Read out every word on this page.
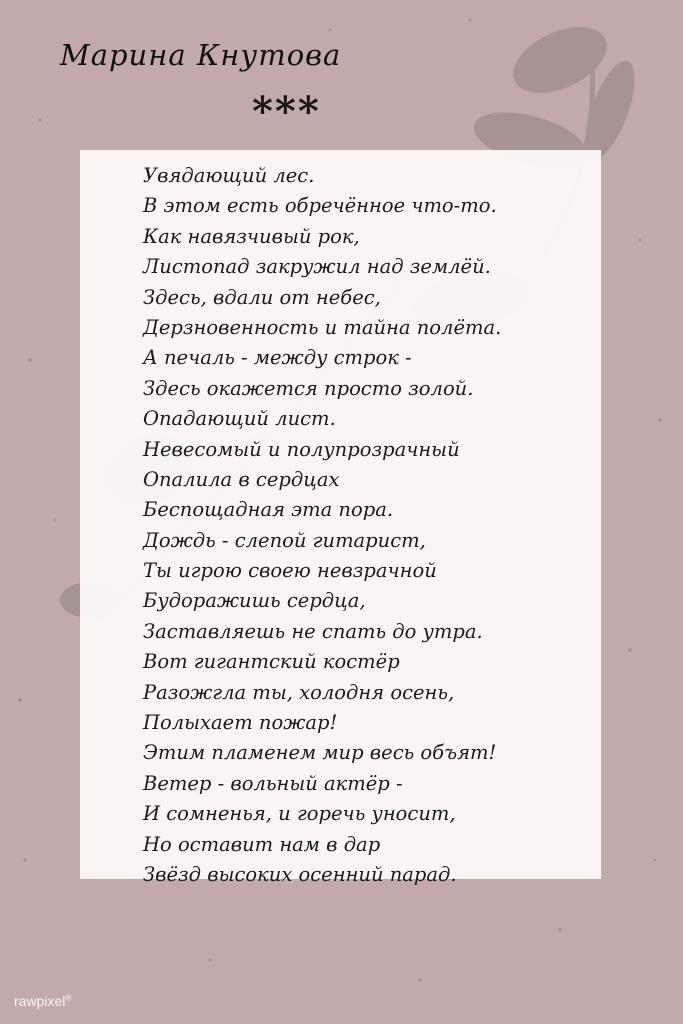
Марина Кнутова
***
Увядающий лес.
В этом есть обречённое что-то.
Как навязчивый рок,
Листопад закружил над землёй.
Здесь, вдали от небес,
Дерзновенность и тайна полёта.
А печаль - между строк -
Здесь окажется просто золой.
Опадающий лист.
Невесомый и полупрозрачный
Опалила в сердцах
Беспощадная эта пора.
Дождь - слепой гитарист,
Ты игрою своею невзрачной
Будоражишь сердца,
Заставляешь не спать до утра.
Вот гигантский костёр
Разожгла ты, холодня осень,
Полыхает пожар!
Этим пламенем мир весь объят!
Ветер - вольный актёр -
И сомненья, и горечь уносит,
Но оставит нам в дар
Звёзд высоких осенний парад.
rawpixel®
